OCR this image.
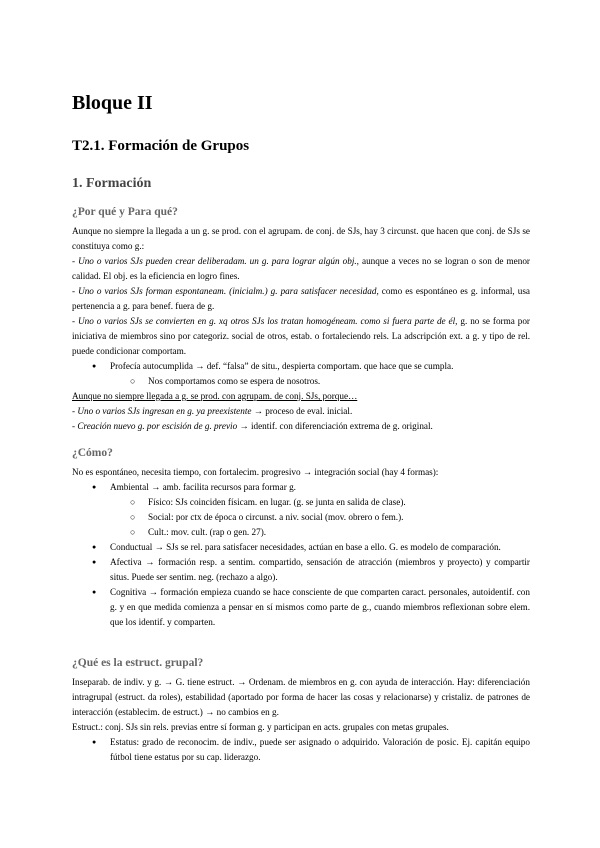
Bloque II
T2.1. Formación de Grupos
1. Formación
¿Por qué y Para qué?

Aunque no siempre la llegada a un g. se prod. con el agrupam. de conj. de SJs, hay 3 circunst. que hacen que conj. de SJs se constituya como g.:

- Uno o varios SJs pueden crear deliberadam. un g. para lograr algún obj., aunque a veces no se logran o son de menor calidad. El obj. es la eficiencia en logro fines.

- Uno o varios SJs forman espontaneam. (inicialm.) g. para satisfacer necesidad, como es espontáneo es g. informal, usa pertenencia a g. para benef. fuera de g.

- Uno o varios SJs se convierten en g. xq otros SJs los tratan homogéneam. como si fuera parte de él, g. no se forma por iniciativa de miembros sino por categoriz. social de otros, estab. o fortaleciendo rels. La adscripción ext. a g. y tipo de rel. puede condicionar comportam.

● Profecía autocumplida → def. “falsa” de situ., despierta comportam. que hace que se cumpla.
○ Nos comportamos como se espera de nosotros.

Aunque no siempre llegada a g. se prod. con agrupam. de conj. SJs, porque…

- Uno o varios SJs ingresan en g. ya preexistente → proceso de eval. inicial.

- Creación nuevo g. por escisión de g. previo → identif. con diferenciación extrema de g. original.

¿Cómo?

No es espontáneo, necesita tiempo, con fortalecim. progresivo → integración social (hay 4 formas):

● Ambiental → amb. facilita recursos para formar g.
○ Físico: SJs coinciden físicam. en lugar. (g. se junta en salida de clase).
○ Social: por ctx de época o circunst. a niv. social (mov. obrero o fem.).
○ Cult.: mov. cult. (rap o gen. 27).
● Conductual → SJs se rel. para satisfacer necesidades, actúan en base a ello. G. es modelo de comparación.
● Afectiva → formación resp. a sentim. compartido, sensación de atracción (miembros y proyecto) y compartir situs. Puede ser sentim. neg. (rechazo a algo).
● Cognitiva → formación empieza cuando se hace consciente de que comparten caract. personales, autoidentif. con g. y en que medida comienza a pensar en sí mismos como parte de g., cuando miembros reflexionan sobre elem. que los identif. y comparten.
¿Qué es la estruct. grupal?

Inseparab. de indiv. y g. → G. tiene estruct. → Ordenam. de miembros en g. con ayuda de interacción. Hay: diferenciación intragrupal (estruct. da roles), estabilidad (aportado por forma de hacer las cosas y relacionarse) y cristaliz. de patrones de interacción (establecim. de estruct.) → no cambios en g.

Estruct.: conj. SJs sin rels. previas entre sí forman g. y participan en acts. grupales con metas grupales.

● Estatus: grado de reconocim. de indiv., puede ser asignado o adquirido. Valoración de posic. Ej. capitán equipo fútbol tiene estatus por su cap. liderazgo.
